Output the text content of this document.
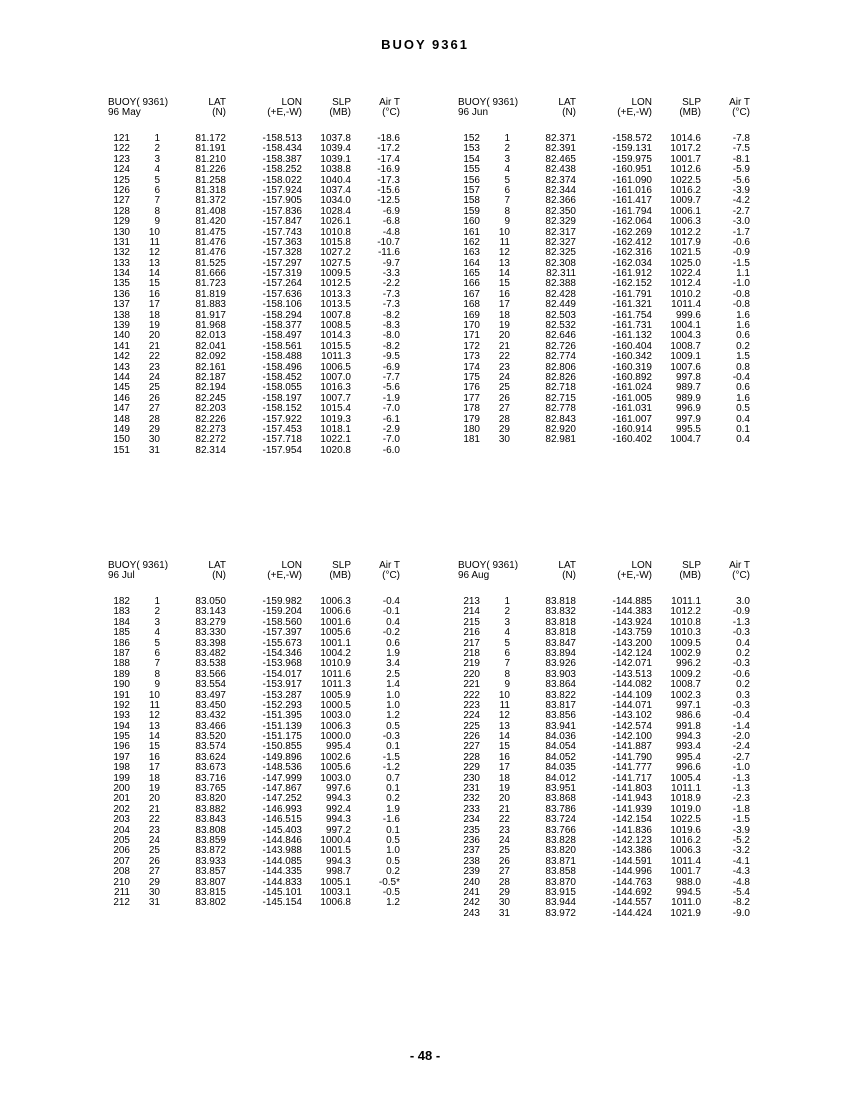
BUOY 9361
BUOY( 9361)
96 May
LAT
(N)
LON
(+E,-W)
SLP
(MB)
Air T
(°C)
121	1	81.172	-158.513	1037.8	-18.6
122	2	81.191	-158.434	1039.4	-17.2
123	3	81.210	-158.387	1039.1	-17.4
124	4	81.226	-158.252	1038.8	-16.9
125	5	81.258	-158.022	1040.4	-17.3
126	6	81.318	-157.924	1037.4	-15.6
127	7	81.372	-157.905	1034.0	-12.5
128	8	81.408	-157.836	1028.4	-6.9
129	9	81.420	-157.847	1026.1	-6.8
130	10	81.475	-157.743	1010.8	-4.8
131	11	81.476	-157.363	1015.8	-10.7
132	12	81.476	-157.328	1027.2	-11.6
133	13	81.525	-157.297	1027.5	-9.7
134	14	81.666	-157.319	1009.5	-3.3
135	15	81.723	-157.264	1012.5	-2.2
136	16	81.819	-157.636	1013.3	-7.3
137	17	81.883	-158.106	1013.5	-7.3
138	18	81.917	-158.294	1007.8	-8.2
139	19	81.968	-158.377	1008.5	-8.3
140	20	82.013	-158.497	1014.3	-8.0
141	21	82.041	-158.561	1015.5	-8.2
142	22	82.092	-158.488	1011.3	-9.5
143	23	82.161	-158.496	1006.5	-6.9
144	24	82.187	-158.452	1007.0	-7.7
145	25	82.194	-158.055	1016.3	-5.6
146	26	82.245	-158.197	1007.7	-1.9
147	27	82.203	-158.152	1015.4	-7.0
148	28	82.226	-157.922	1019.3	-6.1
149	29	82.273	-157.453	1018.1	-2.9
150	30	82.272	-157.718	1022.1	-7.0
151	31	82.314	-157.954	1020.8	-6.0
BUOY( 9361)
96 Jun
LAT
(N)
LON
(+E,-W)
SLP
(MB)
Air T
(°C)
152	1	82.371	-158.572	1014.6	-7.8
153	2	82.391	-159.131	1017.2	-7.5
154	3	82.465	-159.975	1001.7	-8.1
155	4	82.438	-160.951	1012.6	-5.9
156	5	82.374	-161.090	1022.5	-5.6
157	6	82.344	-161.016	1016.2	-3.9
158	7	82.366	-161.417	1009.7	-4.2
159	8	82.350	-161.794	1006.1	-2.7
160	9	82.329	-162.064	1006.3	-3.0
161	10	82.317	-162.269	1012.2	-1.7
162	11	82.327	-162.412	1017.9	-0.6
163	12	82.325	-162.316	1021.5	-0.9
164	13	82.308	-162.034	1025.0	-1.5
165	14	82.311	-161.912	1022.4	1.1
166	15	82.388	-162.152	1012.4	-1.0
167	16	82.428	-161.791	1010.2	-0.8
168	17	82.449	-161.321	1011.4	-0.8
169	18	82.503	-161.754	999.6	1.6
170	19	82.532	-161.731	1004.1	1.6
171	20	82.646	-161.132	1004.3	0.6
172	21	82.726	-160.404	1008.7	0.2
173	22	82.774	-160.342	1009.1	1.5
174	23	82.806	-160.319	1007.6	0.8
175	24	82.826	-160.892	997.8	-0.4
176	25	82.718	-161.024	989.7	0.6
177	26	82.715	-161.005	989.9	1.6
178	27	82.778	-161.031	996.9	0.5
179	28	82.843	-161.007	997.9	0.4
180	29	82.920	-160.914	995.5	0.1
181	30	82.981	-160.402	1004.7	0.4
BUOY( 9361)
96 Jul
LAT
(N)
LON
(+E,-W)
SLP
(MB)
Air T
(°C)
182	1	83.050	-159.982	1006.3	-0.4
183	2	83.143	-159.204	1006.6	-0.1
184	3	83.279	-158.560	1001.6	0.4
185	4	83.330	-157.397	1005.6	-0.2
186	5	83.398	-155.673	1001.1	0.6
187	6	83.482	-154.346	1004.2	1.9
188	7	83.538	-153.968	1010.9	3.4
189	8	83.566	-154.017	1011.6	2.5
190	9	83.554	-153.917	1011.3	1.4
191	10	83.497	-153.287	1005.9	1.0
192	11	83.450	-152.293	1000.5	1.0
193	12	83.432	-151.395	1003.0	1.2
194	13	83.466	-151.139	1006.3	0.5
195	14	83.520	-151.175	1000.0	-0.3
196	15	83.574	-150.855	995.4	0.1
197	16	83.624	-149.896	1002.6	-1.5
198	17	83.673	-148.536	1005.6	-1.2
199	18	83.716	-147.999	1003.0	0.7
200	19	83.765	-147.867	997.6	0.1
201	20	83.820	-147.252	994.3	0.2
202	21	83.882	-146.993	992.4	1.9
203	22	83.843	-146.515	994.3	-1.6
204	23	83.808	-145.403	997.2	0.1
205	24	83.859	-144.846	1000.4	0.5
206	25	83.872	-143.988	1001.5	1.0
207	26	83.933	-144.085	994.3	0.5
208	27	83.857	-144.335	998.7	0.2
210	29	83.807	-144.833	1005.1	-0.5*
211	30	83.815	-145.101	1003.1	-0.5
212	31	83.802	-145.154	1006.8	1.2
BUOY( 9361)
96 Aug
LAT
(N)
LON
(+E,-W)
SLP
(MB)
Air T
(°C)
213	1	83.818	-144.885	1011.1	3.0
214	2	83.832	-144.383	1012.2	-0.9
215	3	83.818	-143.924	1010.8	-1.3
216	4	83.818	-143.759	1010.3	-0.3
217	5	83.847	-143.200	1009.5	0.4
218	6	83.894	-142.124	1002.9	0.2
219	7	83.926	-142.071	996.2	-0.3
220	8	83.903	-143.513	1009.2	-0.6
221	9	83.864	-144.082	1008.7	0.2
222	10	83.822	-144.109	1002.3	0.3
223	11	83.817	-144.071	997.1	-0.3
224	12	83.856	-143.102	986.6	-0.4
225	13	83.941	-142.574	991.8	-1.4
226	14	84.036	-142.100	994.3	-2.0
227	15	84.054	-141.887	993.4	-2.4
228	16	84.052	-141.790	995.4	-2.7
229	17	84.035	-141.777	996.6	-1.0
230	18	84.012	-141.717	1005.4	-1.3
231	19	83.951	-141.803	1011.1	-1.3
232	20	83.868	-141.943	1018.9	-2.3
233	21	83.786	-141.939	1019.0	-1.8
234	22	83.724	-142.154	1022.5	-1.5
235	23	83.766	-141.836	1019.6	-3.9
236	24	83.828	-142.123	1016.2	-5.2
237	25	83.820	-143.386	1006.3	-3.2
238	26	83.871	-144.591	1011.4	-4.1
239	27	83.858	-144.996	1001.7	-4.3
240	28	83.870	-144.763	988.0	-4.8
241	29	83.915	-144.692	994.5	-5.4
242	30	83.944	-144.557	1011.0	-8.2
243	31	83.972	-144.424	1021.9	-9.0
- 48 -
